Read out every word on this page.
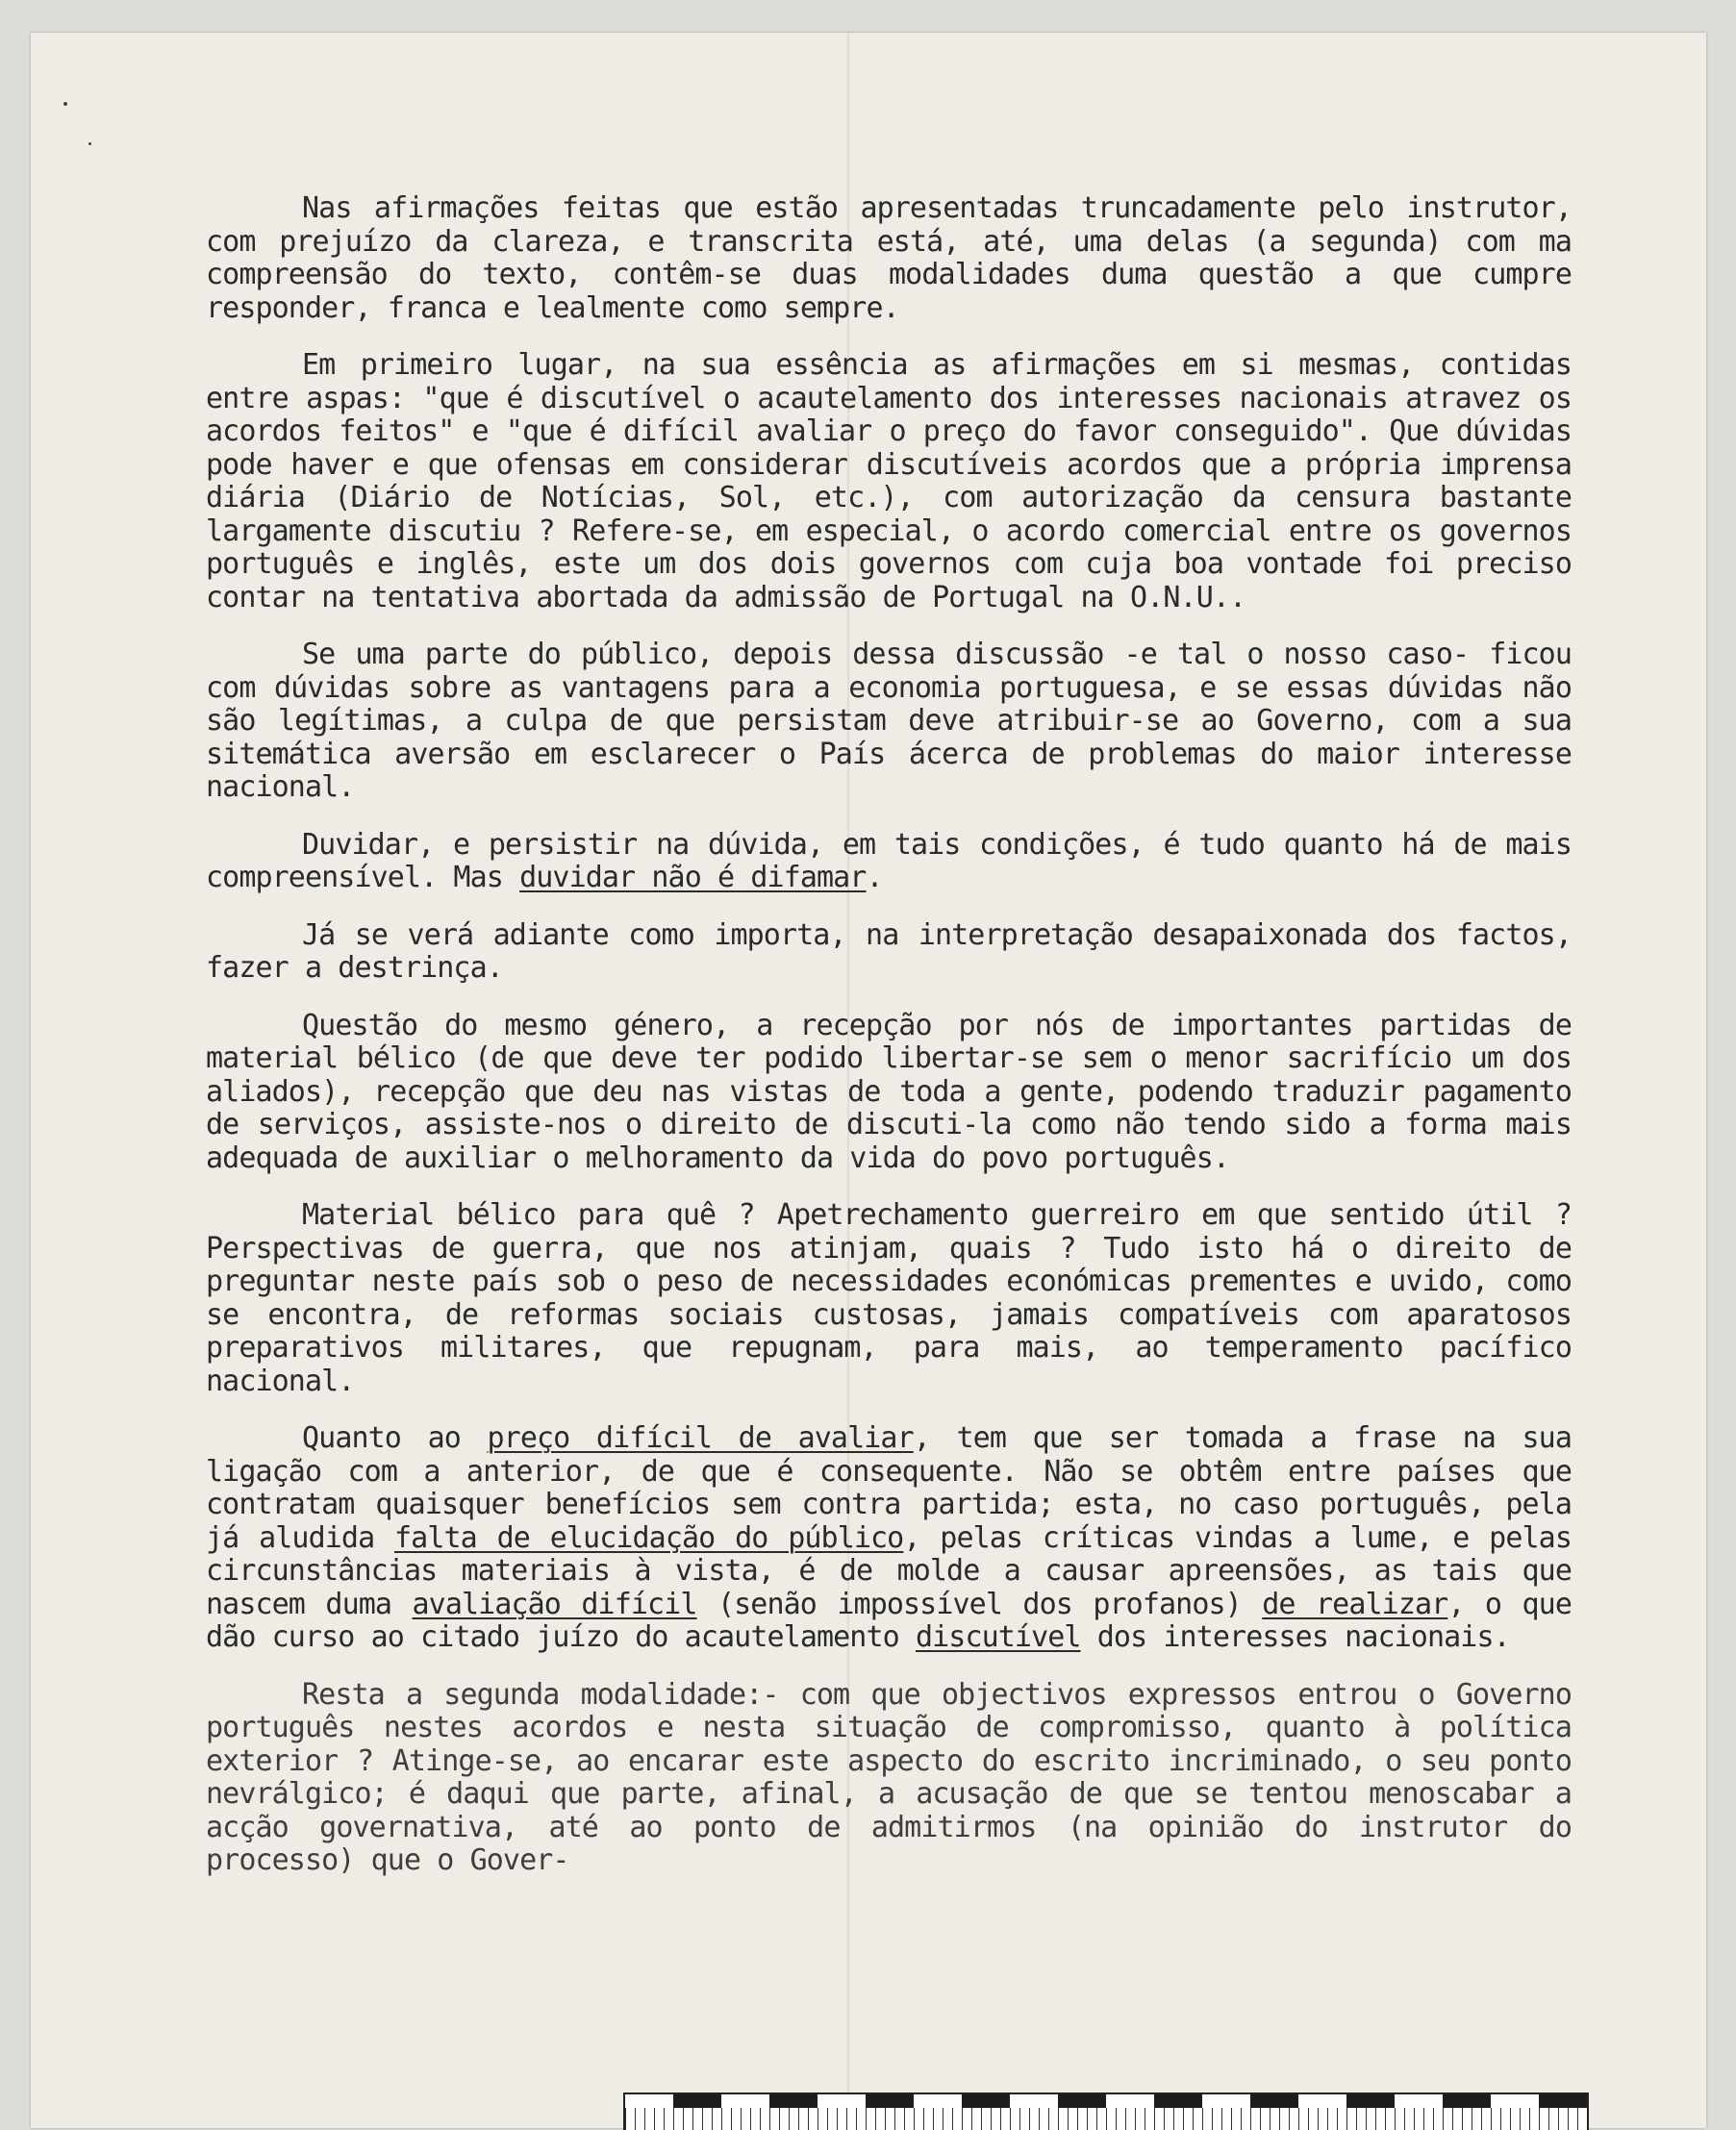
Nas afirmações feitas que estão apresentadas truncadamente pelo instrutor, com prejuízo da clareza, e transcrita está, até, uma delas (a segunda) com ma compreensão do texto, contêm-se duas modalidades duma questão a que cumpre responder, franca e lealmente como sempre.

Em primeiro lugar, na sua essência as afirmações em si mesmas, contidas entre aspas: "que é discutível o acautelamento dos interesses nacionais atravez os acordos feitos" e "que é difícil avaliar o preço do favor conseguido". Que dúvidas pode haver e que ofensas em considerar discutíveis acordos que a própria imprensa diária (Diário de Notícias, Sol, etc.), com autorização da censura bastante largamente discutiu ? Refere-se, em especial, o acordo comercial entre os governos português e inglês, este um dos dois governos com cuja boa vontade foi preciso contar na tentativa abortada da admissão de Portugal na O.N.U..

Se uma parte do público, depois dessa discussão -e tal o nosso caso- ficou com dúvidas sobre as vantagens para a economia portuguesa, e se essas dúvidas não são legítimas, a culpa de que persistam deve atribuir-se ao Governo, com a sua sitemática aversão em esclarecer o País ácerca de problemas do maior interesse nacional.

Duvidar, e persistir na dúvida, em tais condições, é tudo quanto há de mais compreensível. Mas duvidar não é difamar.

Já se verá adiante como importa, na interpretação desapaixonada dos factos, fazer a destrinça.

Questão do mesmo género, a recepção por nós de importantes partidas de material bélico (de que deve ter podido libertar-se sem o menor sacrifício um dos aliados), recepção que deu nas vistas de toda a gente, podendo traduzir pagamento de serviços, assiste-nos o direito de discuti-la como não tendo sido a forma mais adequada de auxiliar o melhoramento da vida do povo português.

Material bélico para quê ? Apetrechamento guerreiro em que sentido útil ? Perspectivas de guerra, que nos atinjam, quais ? Tudo isto há o direito de preguntar neste país sob o peso de necessidades económicas prementes e uvido, como se encontra, de reformas sociais custosas, jamais compatíveis com aparatosos preparativos militares, que repugnam, para mais, ao temperamento pacífico nacional.

Quanto ao preço difícil de avaliar, tem que ser tomada a frase na sua ligação com a anterior, de que é consequente. Não se obtêm entre países que contratam quaisquer benefícios sem contra partida; esta, no caso português, pela já aludida falta de elucidação do público, pelas críticas vindas a lume, e pelas circunstâncias materiais à vista, é de molde a causar apreensões, as tais que nascem duma avaliação difícil (senão impossível dos profanos) de realizar, o que dão curso ao citado juízo do acautelamento discutível dos interesses nacionais.

Resta a segunda modalidade:- com que objectivos expressos entrou o Governo português nestes acordos e nesta situação de compromisso, quanto à política exterior ? Atinge-se, ao encarar este aspecto do escrito incriminado, o seu ponto nevrálgico; é daqui que parte, afinal, a acusação de que se tentou menoscabar a acção governativa, até ao ponto de admitirmos (na opinião do instrutor do processo) que o Gover-
